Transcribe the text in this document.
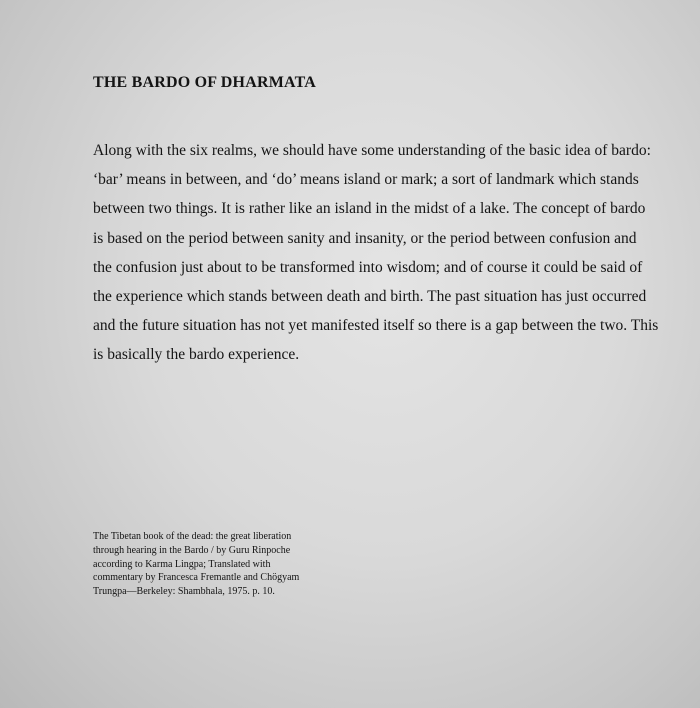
THE BARDO OF DHARMATA
Along with the six realms, we should have some understanding of the basic idea of bardo:
‘bar’ means in between, and ‘do’ means island or mark; a sort of landmark which stands
between two things. It is rather like an island in the midst of a lake. The concept of bardo
is based on the period between sanity and insanity, or the period between confusion and
the confusion just about to be transformed into wisdom; and of course it could be said of
the experience which stands between death and birth. The past situation has just occurred
and the future situation has not yet manifested itself so there is a gap between the two. This
is basically the bardo experience.
The Tibetan book of the dead: the great liberation
through hearing in the Bardo / by Guru Rinpoche
according to Karma Lingpa; Translated with
commentary by Francesca Fremantle and Chögyam
Trungpa—Berkeley: Shambhala, 1975. p. 10.
